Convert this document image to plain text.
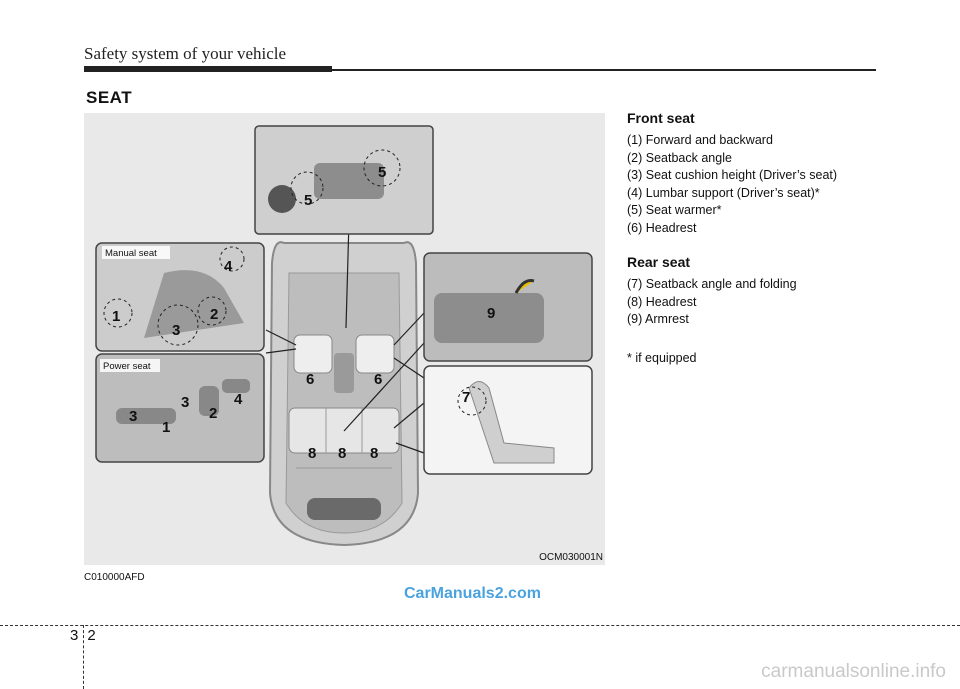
Safety system of your vehicle
SEAT
5
5
4
1
3
2
3	4
3	2
1
6	6
8 8 8
9
7
Manual seat
Power seat
OCM030001N
C010000AFD
Front seat
(1) Forward and backward
(2) Seatback angle
(3) Seat cushion height (Driver’s seat)
(4) Lumbar support (Driver’s seat)*
(5) Seat warmer*
(6) Headrest
Rear seat
(7) Seatback angle and folding
(8) Headrest
(9) Armrest
* if equipped
CarManuals2.com
32
carmanualsonline.info
